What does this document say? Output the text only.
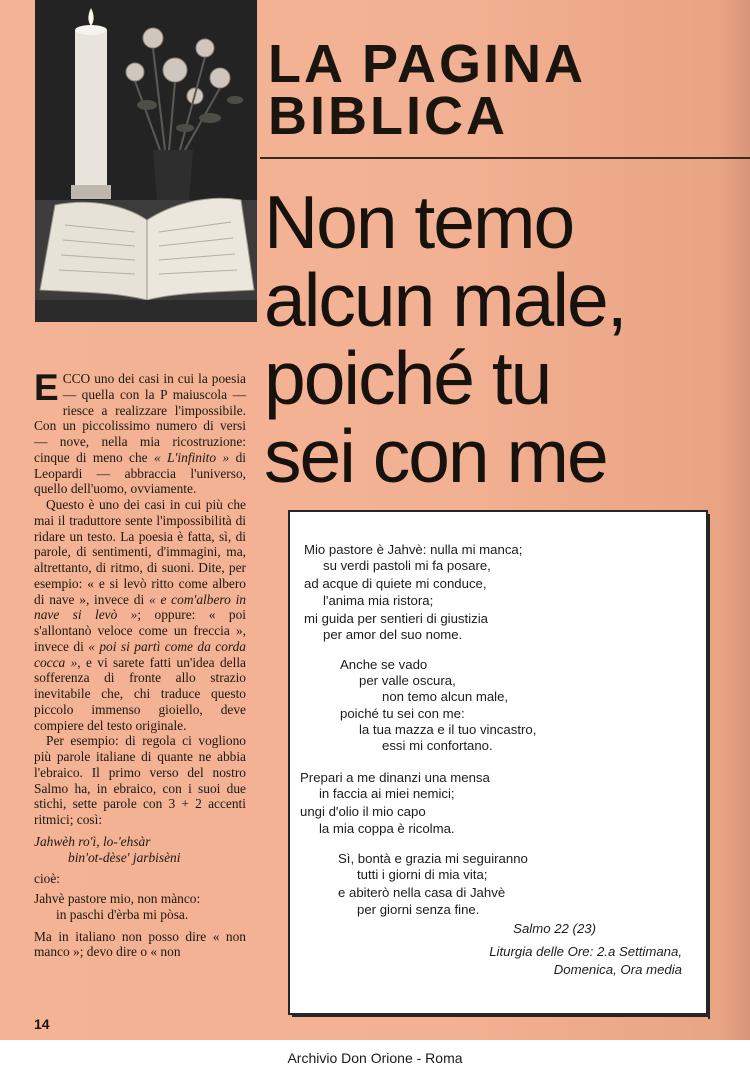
LA PAGINA
BIBLICA
Non temo
alcun male,
poiché tu
sei con me

ECCO uno dei casi in cui la poesia — quella con la P maiuscola — riesce a realizzare l'impossibile. Con un piccolissimo numero di versi — nove, nella mia ricostruzione: cinque di meno che « L'infinito » di Leopardi — abbraccia l'universo, quello dell'uomo, ovviamente.

Questo è uno dei casi in cui più che mai il traduttore sente l'impossibilità di ridare un testo. La poesia è fatta, sì, di parole, di sentimenti, d'immagini, ma, altrettanto, di ritmo, di suoni. Dite, per esempio: « e si levò ritto come albero di nave », invece di « e com'albero in nave si levò »; oppure: « poi s'allontanò veloce come un freccia », invece di « poi si partì come da corda cocca », e vi sarete fatti un'idea della sofferenza di fronte allo strazio inevitabile che, chi traduce questo piccolo immenso gioiello, deve compiere del testo originale.

Per esempio: di regola ci vogliono più parole italiane di quante ne abbia l'ebraico. Il primo verso del nostro Salmo ha, in ebraico, con i suoi due stichi, sette parole con 3 + 2 accenti ritmici; così:

Jahwèh ro'ì, lo-'ehsàr
bin'ot-dèse' jarbisèni
cioè:
Jahvè pastore mio, non mànco:
in paschi d'èrba mi pòsa.

Ma in italiano non posso dire « non manco »; devo dire o « non

14
Mio pastore è Jahvè: nulla mi manca;
su verdi pastoli mi fa posare,
ad acque di quiete mi conduce,
l'anima mia ristora;
mi guida per sentieri di giustizia
per amor del suo nome.
Anche se vado
per valle oscura,
non temo alcun male,
poiché tu sei con me:
la tua mazza e il tuo vincastro,
essi mi confortano.
Prepari a me dinanzi una mensa
in faccia ai miei nemici;
ungi d'olio il mio capo
la mia coppa è ricolma.
Sì, bontà e grazia mi seguiranno
tutti i giorni di mia vita;
e abiterò nella casa di Jahvè
per giorni senza fine.
Salmo 22 (23)
Liturgia delle Ore: 2.a Settimana,
Domenica, Ora media
Archivio Don Orione - Roma
